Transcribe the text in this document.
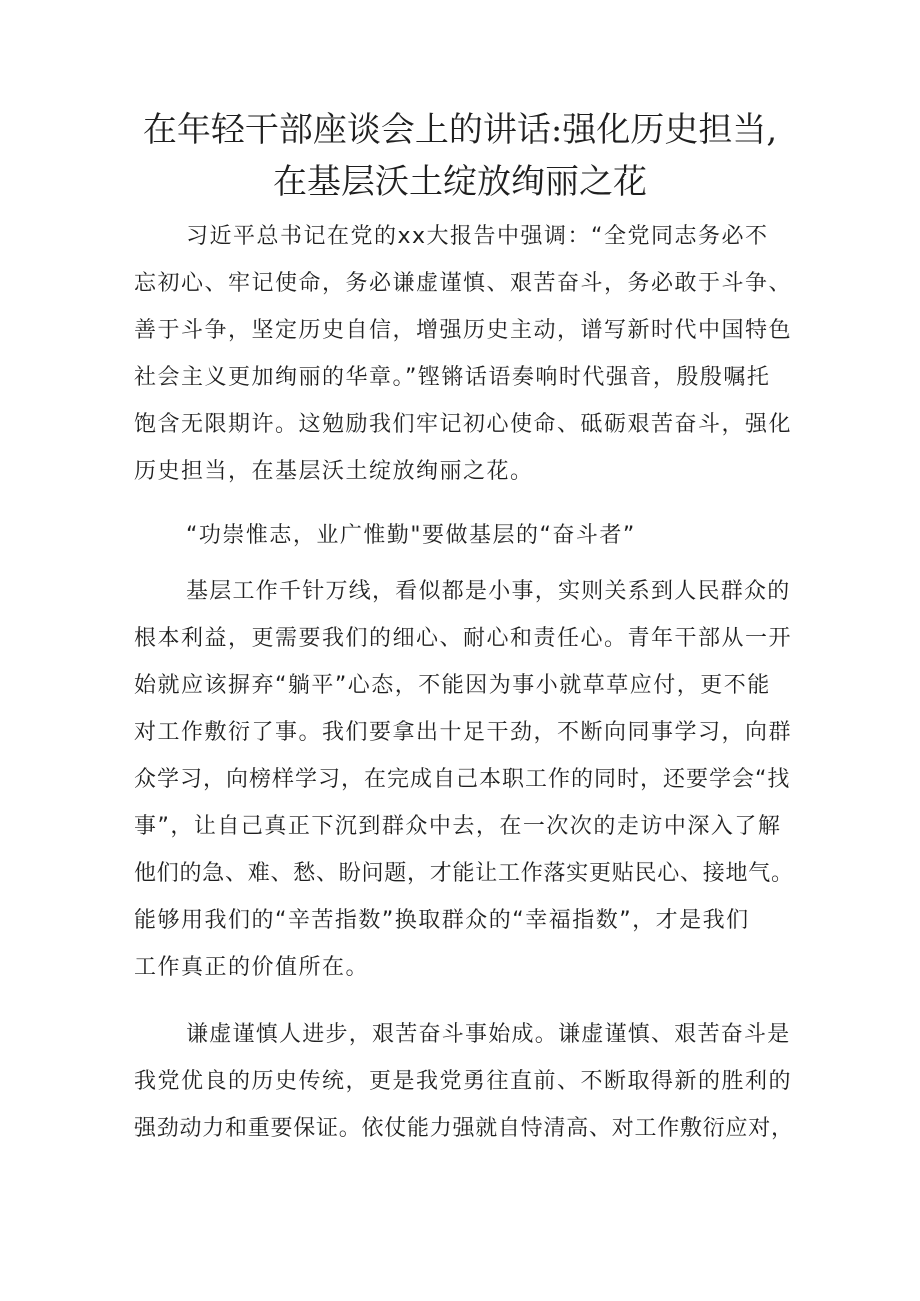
在年轻干部座谈会上的讲话:强化历史担当,
在基层沃土绽放绚丽之花
习近平总书记在党的xx大报告中强调：“全党同志务必不
忘初心、牢记使命，务必谦虚谨慎、艰苦奋斗，务必敢于斗争、
善于斗争，坚定历史自信，增强历史主动，谱写新时代中国特色
社会主义更加绚丽的华章。”铿锵话语奏响时代强音，殷殷嘱托
饱含无限期许。这勉励我们牢记初心使命、砥砺艰苦奋斗，强化
历史担当，在基层沃土绽放绚丽之花。
“功崇惟志，业广惟勤"要做基层的“奋斗者”
基层工作千针万线，看似都是小事，实则关系到人民群众的
根本利益，更需要我们的细心、耐心和责任心。青年干部从一开
始就应该摒弃“躺平”心态，不能因为事小就草草应付，更不能
对工作敷衍了事。我们要拿出十足干劲，不断向同事学习，向群
众学习，向榜样学习，在完成自己本职工作的同时，还要学会“找
事”，让自己真正下沉到群众中去，在一次次的走访中深入了解
他们的急、难、愁、盼问题，才能让工作落实更贴民心、接地气。
能够用我们的“辛苦指数”换取群众的“幸福指数”，才是我们
工作真正的价值所在。
谦虚谨慎人进步，艰苦奋斗事始成。谦虚谨慎、艰苦奋斗是
我党优良的历史传统，更是我党勇往直前、不断取得新的胜利的
强劲动力和重要保证。依仗能力强就自恃清高、对工作敷衍应对，
